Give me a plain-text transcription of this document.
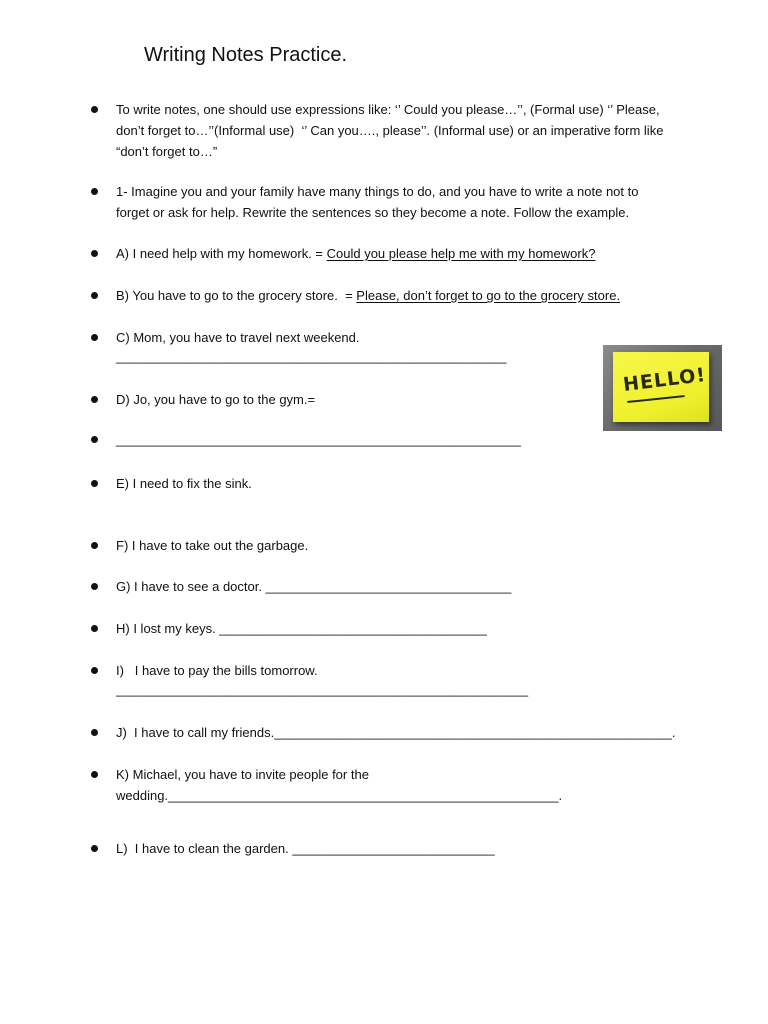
Writing Notes Practice.
To write notes, one should use expressions like: ‘’ Could you please…’’, (Formal use) ‘’ Please,
don’t forget to…’’(Informal use)  ‘’ Can you…., please’’. (Informal use) or an imperative form like
“don’t forget to…”
1- Imagine you and your family have many things to do, and you have to write a note not to
forget or ask for help. Rewrite the sentences so they become a note. Follow the example.
A) I need help with my homework. = Could you please help me with my homework?
B) You have to go to the grocery store.  = Please, don’t forget to go to the grocery store.
C) Mom, you have to travel next weekend.
______________________________________________________
D) Jo, you have to go to the gym.=
________________________________________________________
E) I need to fix the sink.
F) I have to take out the garbage.
G) I have to see a doctor. __________________________________
H) I lost my keys. _____________________________________
I)   I have to pay the bills tomorrow.
_________________________________________________________
J)  I have to call my friends._______________________________________________________.
K) Michael, you have to invite people for the
wedding.______________________________________________________.
L)  I have to clean the garden. ____________________________
HELLO!
